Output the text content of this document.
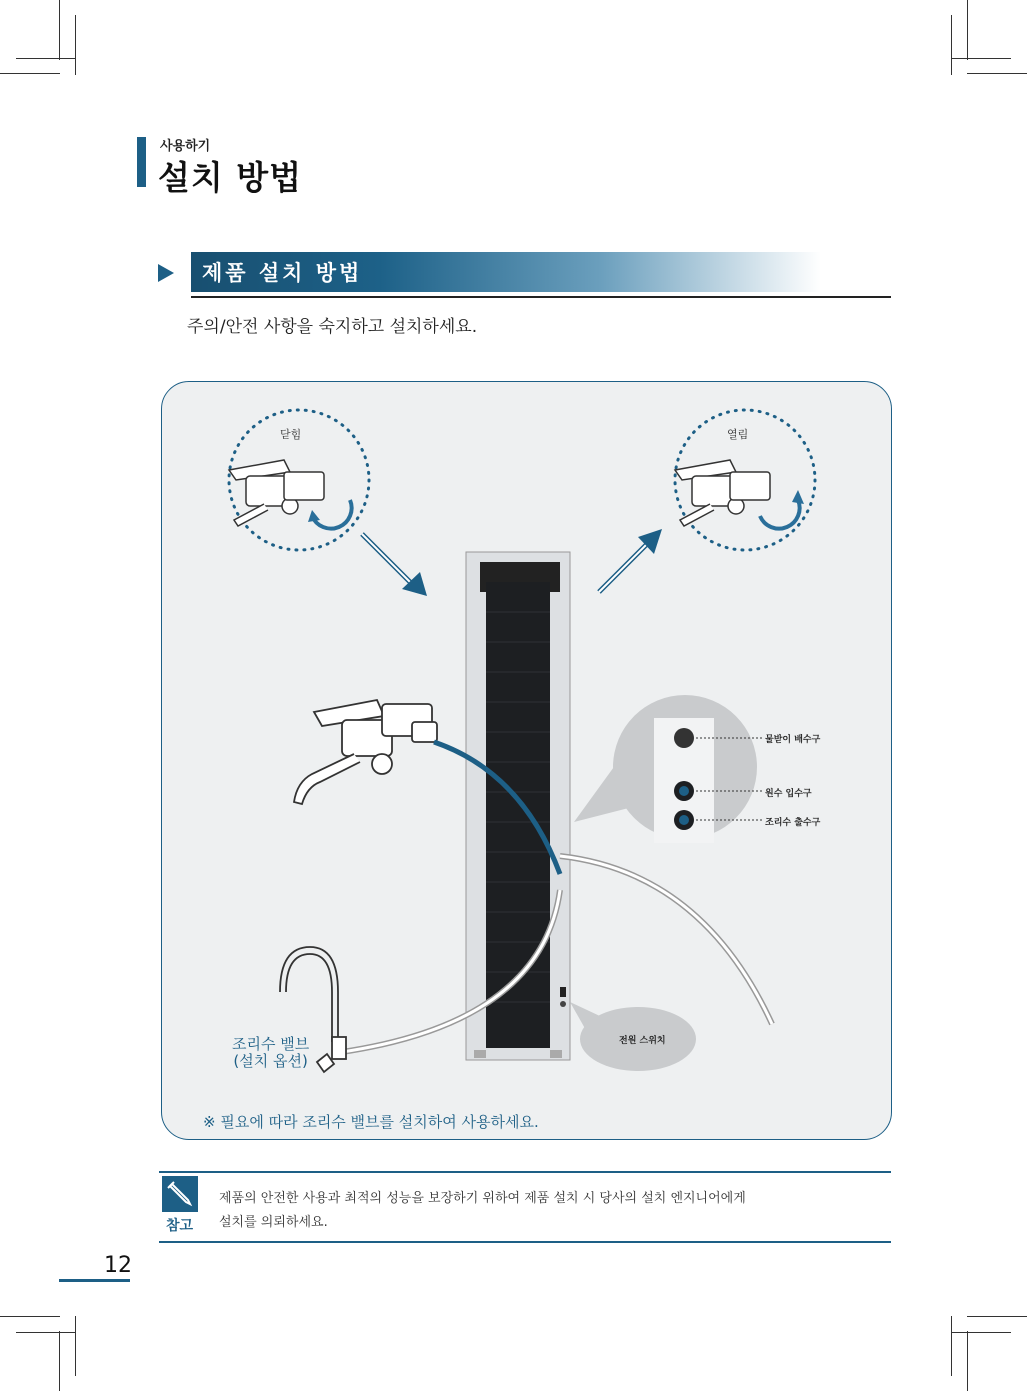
사용하기
설치 방법
제품 설치 방법
주의/안전 사항을 숙지하고 설치하세요.
닫힘	열림
물받이 배수구
원수 입수구
조리수 출수구
전원 스위치
조리수 밸브
(설치 옵션)
※ 필요에 따라 조리수 밸브를 설치하여 사용하세요.
참고
제품의 안전한 사용과 최적의 성능을 보장하기 위하여 제품 설치 시 당사의 설치 엔지니어에게
설치를 의뢰하세요.
12
